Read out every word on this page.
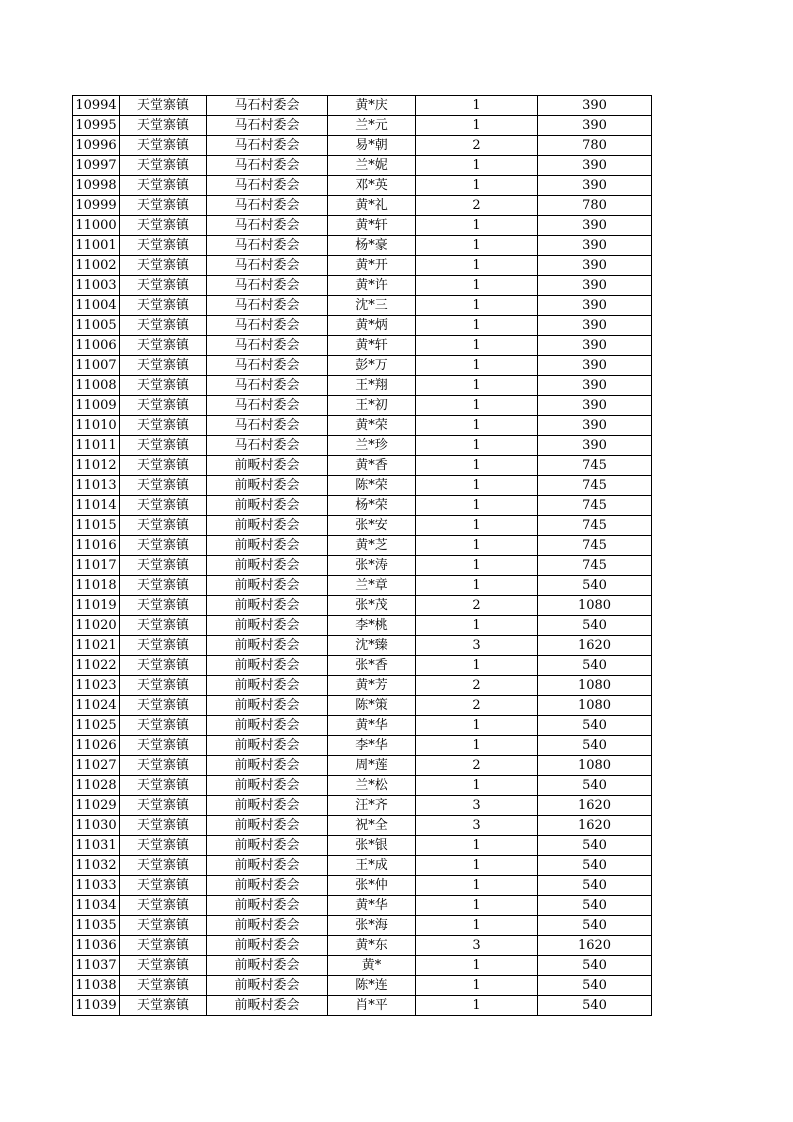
10994	天堂寨镇	马石村委会	黄*庆	1	390
10995	天堂寨镇	马石村委会	兰*元	1	390
10996	天堂寨镇	马石村委会	易*朝	2	780
10997	天堂寨镇	马石村委会	兰*妮	1	390
10998	天堂寨镇	马石村委会	邓*英	1	390
10999	天堂寨镇	马石村委会	黄*礼	2	780
11000	天堂寨镇	马石村委会	黄*轩	1	390
11001	天堂寨镇	马石村委会	杨*豪	1	390
11002	天堂寨镇	马石村委会	黄*开	1	390
11003	天堂寨镇	马石村委会	黄*许	1	390
11004	天堂寨镇	马石村委会	沈*三	1	390
11005	天堂寨镇	马石村委会	黄*炳	1	390
11006	天堂寨镇	马石村委会	黄*轩	1	390
11007	天堂寨镇	马石村委会	彭*万	1	390
11008	天堂寨镇	马石村委会	王*翔	1	390
11009	天堂寨镇	马石村委会	王*初	1	390
11010	天堂寨镇	马石村委会	黄*荣	1	390
11011	天堂寨镇	马石村委会	兰*珍	1	390
11012	天堂寨镇	前畈村委会	黄*香	1	745
11013	天堂寨镇	前畈村委会	陈*荣	1	745
11014	天堂寨镇	前畈村委会	杨*荣	1	745
11015	天堂寨镇	前畈村委会	张*安	1	745
11016	天堂寨镇	前畈村委会	黄*芝	1	745
11017	天堂寨镇	前畈村委会	张*涛	1	745
11018	天堂寨镇	前畈村委会	兰*章	1	540
11019	天堂寨镇	前畈村委会	张*茂	2	1080
11020	天堂寨镇	前畈村委会	李*桃	1	540
11021	天堂寨镇	前畈村委会	沈*臻	3	1620
11022	天堂寨镇	前畈村委会	张*香	1	540
11023	天堂寨镇	前畈村委会	黄*芳	2	1080
11024	天堂寨镇	前畈村委会	陈*策	2	1080
11025	天堂寨镇	前畈村委会	黄*华	1	540
11026	天堂寨镇	前畈村委会	李*华	1	540
11027	天堂寨镇	前畈村委会	周*莲	2	1080
11028	天堂寨镇	前畈村委会	兰*松	1	540
11029	天堂寨镇	前畈村委会	汪*齐	3	1620
11030	天堂寨镇	前畈村委会	祝*全	3	1620
11031	天堂寨镇	前畈村委会	张*银	1	540
11032	天堂寨镇	前畈村委会	王*成	1	540
11033	天堂寨镇	前畈村委会	张*仲	1	540
11034	天堂寨镇	前畈村委会	黄*华	1	540
11035	天堂寨镇	前畈村委会	张*海	1	540
11036	天堂寨镇	前畈村委会	黄*东	3	1620
11037	天堂寨镇	前畈村委会	黄*	1	540
11038	天堂寨镇	前畈村委会	陈*连	1	540
11039	天堂寨镇	前畈村委会	肖*平	1	540
